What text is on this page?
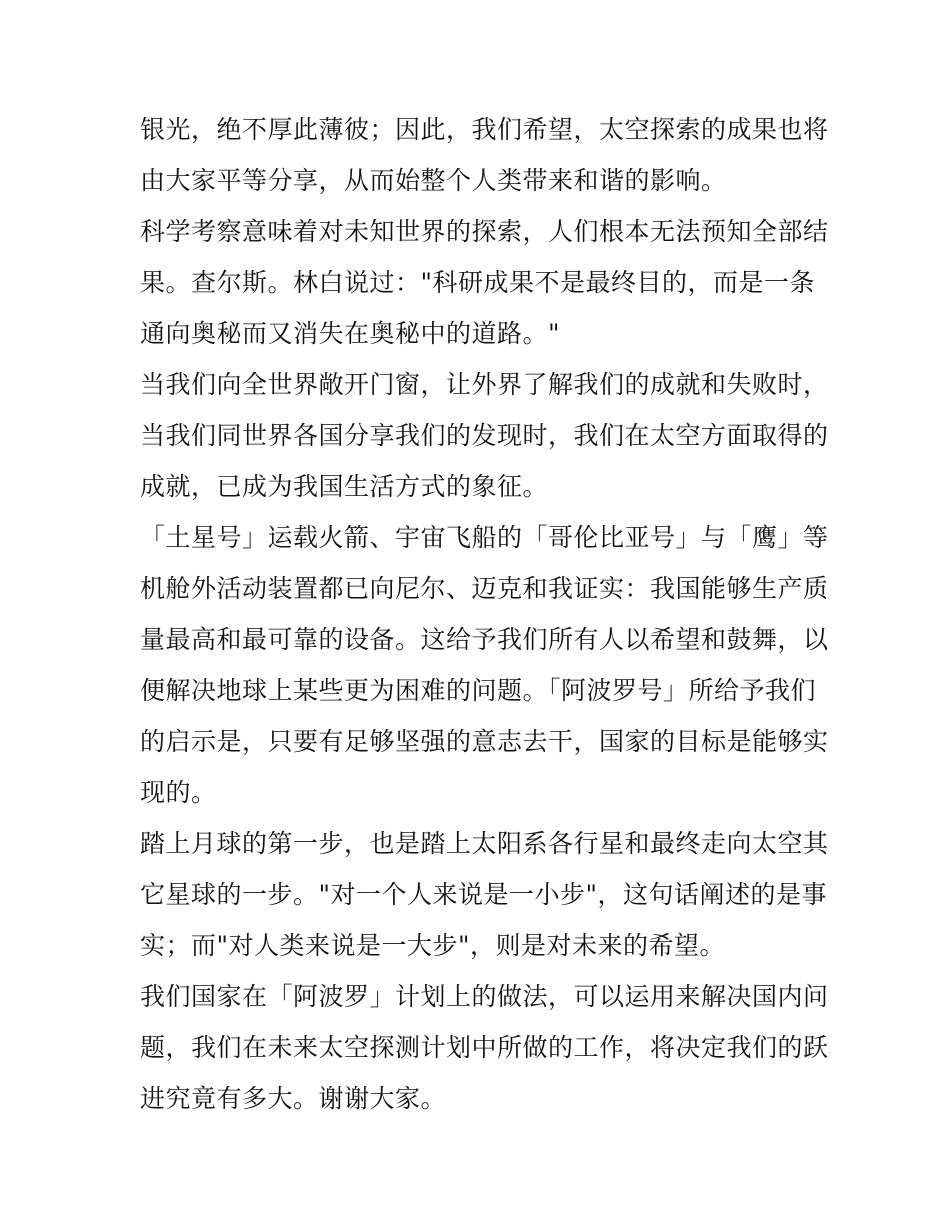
银光，绝不厚此薄彼；因此，我们希望，太空探索的成果也将
由大家平等分享，从而始整个人类带来和谐的影响。
科学考察意味着对未知世界的探索，人们根本无法预知全部结
果。查尔斯。林白说过："科研成果不是最终目的，而是一条
通向奥秘而又消失在奥秘中的道路。"
当我们向全世界敞开门窗，让外界了解我们的成就和失败时，
当我们同世界各国分享我们的发现时，我们在太空方面取得的
成就，已成为我国生活方式的象征。
「土星号」运载火箭、宇宙飞船的「哥伦比亚号」与「鹰」等
机舱外活动装置都已向尼尔、迈克和我证实：我国能够生产质
量最高和最可靠的设备。这给予我们所有人以希望和鼓舞，以
便解决地球上某些更为困难的问题。「阿波罗号」所给予我们
的启示是，只要有足够坚强的意志去干，国家的目标是能够实
现的。
踏上月球的第一步，也是踏上太阳系各行星和最终走向太空其
它星球的一步。"对一个人来说是一小步"，这句话阐述的是事
实；而"对人类来说是一大步"，则是对未来的希望。
我们国家在「阿波罗」计划上的做法，可以运用来解决国内问
题，我们在未来太空探测计划中所做的工作，将决定我们的跃
进究竟有多大。谢谢大家。
